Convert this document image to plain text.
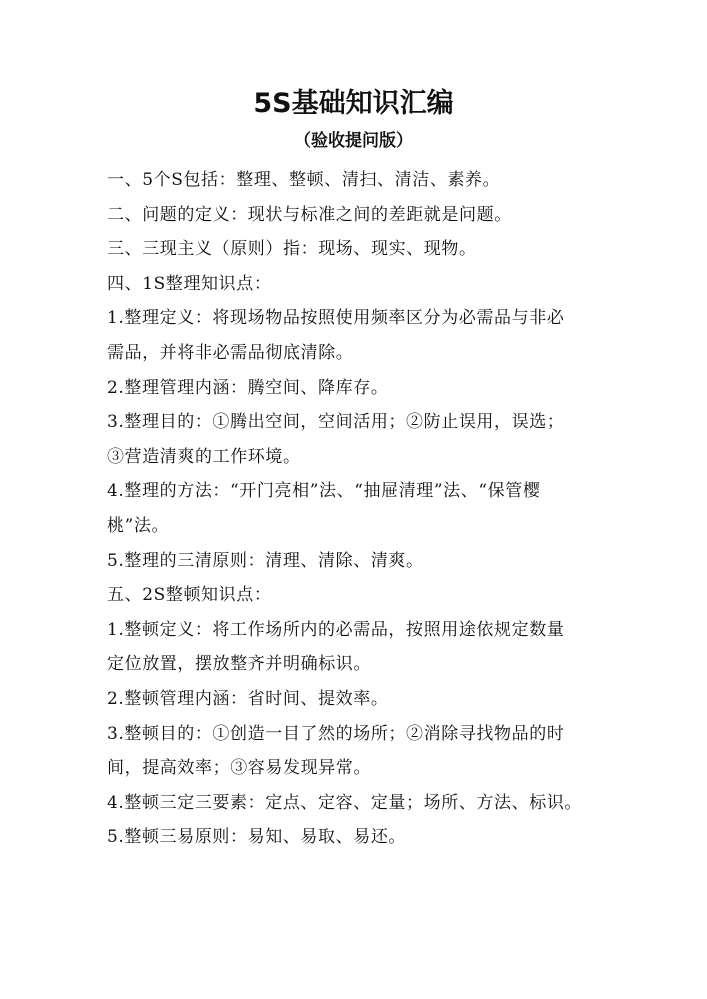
5S基础知识汇编
（验收提问版）

一、5个S包括：整理、整顿、清扫、清洁、素养。

二、问题的定义：现状与标准之间的差距就是问题。

三、三现主义（原则）指：现场、现实、现物。

四、1S整理知识点：

1.整理定义：将现场物品按照使用频率区分为必需品与非必

需品，并将非必需品彻底清除。

2.整理管理内涵：腾空间、降库存。

3.整理目的：①腾出空间，空间活用；②防止误用，误选；

③营造清爽的工作环境。

4.整理的方法：“开门亮相”法、“抽屉清理”法、“保管樱

桃”法。

5.整理的三清原则：清理、清除、清爽。

五、2S整顿知识点：

1.整顿定义：将工作场所内的必需品，按照用途依规定数量

定位放置，摆放整齐并明确标识。

2.整顿管理内涵：省时间、提效率。

3.整顿目的：①创造一目了然的场所；②消除寻找物品的时

间，提高效率；③容易发现异常。

4.整顿三定三要素：定点、定容、定量；场所、方法、标识。

5.整顿三易原则：易知、易取、易还。
